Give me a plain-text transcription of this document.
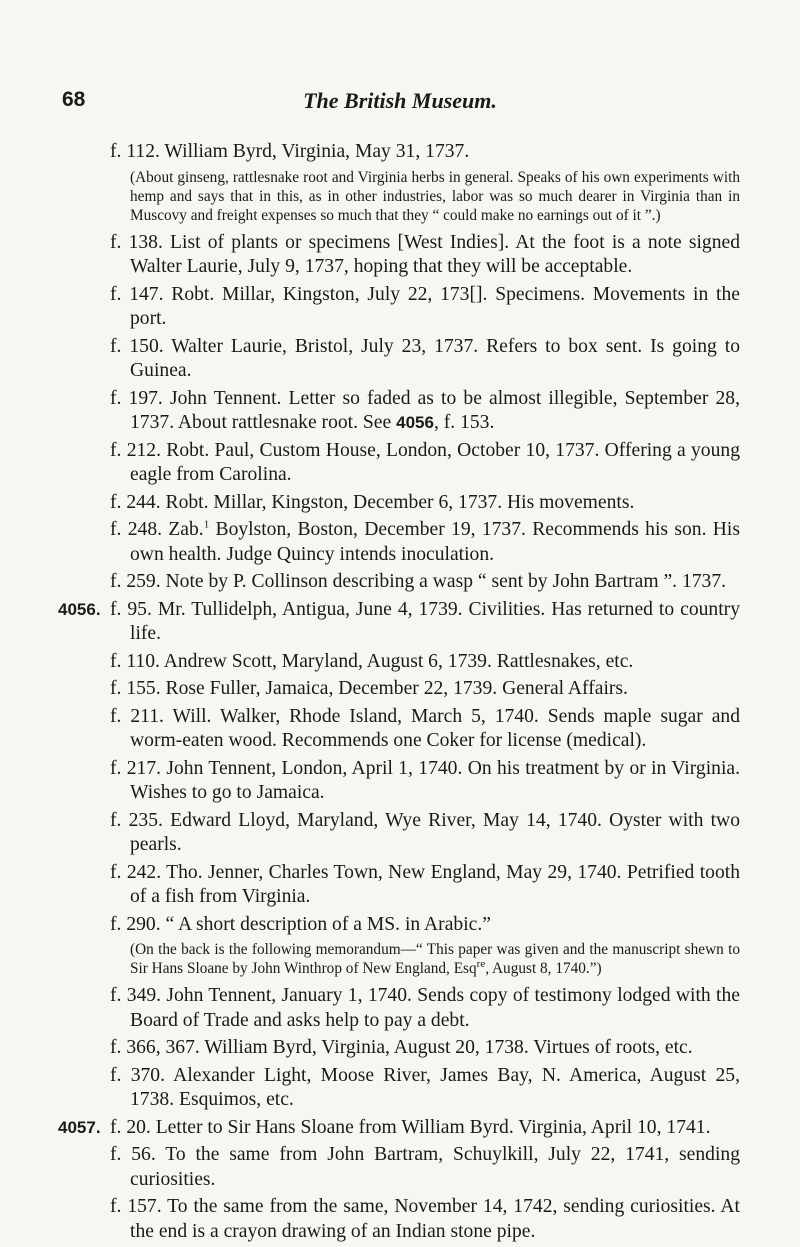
68	The British Museum.

f. 112. William Byrd, Virginia, May 31, 1737.

(About ginseng, rattlesnake root and Virginia herbs in general. Speaks of his own experiments with hemp and says that in this, as in other industries, labor was so much dearer in Virginia than in Muscovy and freight expenses so much that they “ could make no earnings out of it ”.)

f. 138. List of plants or specimens [West Indies]. At the foot is a note signed Walter Laurie, July 9, 1737, hoping that they will be acceptable.

f. 147. Robt. Millar, Kingston, July 22, 173[]. Specimens. Movements in the port.

f. 150. Walter Laurie, Bristol, July 23, 1737. Refers to box sent. Is going to Guinea.

f. 197. John Tennent. Letter so faded as to be almost illegible, September 28, 1737. About rattlesnake root. See 4056, f. 153.

f. 212. Robt. Paul, Custom House, London, October 10, 1737. Offering a young eagle from Carolina.

f. 244. Robt. Millar, Kingston, December 6, 1737. His movements.

f. 248. Zab.$^1$ Boylston, Boston, December 19, 1737. Recommends his son. His own health. Judge Quincy intends inoculation.

f. 259. Note by P. Collinson describing a wasp “ sent by John Bartram ”. 1737.

4056. f. 95. Mr. Tullidelph, Antigua, June 4, 1739. Civilities. Has returned to country life.

f. 110. Andrew Scott, Maryland, August 6, 1739. Rattlesnakes, etc.

f. 155. Rose Fuller, Jamaica, December 22, 1739. General Affairs.

f. 211. Will. Walker, Rhode Island, March 5, 1740. Sends maple sugar and worm-eaten wood. Recommends one Coker for license (medical).

f. 217. John Tennent, London, April 1, 1740. On his treatment by or in Virginia. Wishes to go to Jamaica.

f. 235. Edward Lloyd, Maryland, Wye River, May 14, 1740. Oyster with two pearls.

f. 242. Tho. Jenner, Charles Town, New England, May 29, 1740. Petrified tooth of a fish from Virginia.

f. 290. “ A short description of a MS. in Arabic.”

(On the back is the following memorandum—“ This paper was given and the manuscript shewn to Sir Hans Sloane by John Winthrop of New England, Esq$^{re}$, August 8, 1740.”)

f. 349. John Tennent, January 1, 1740. Sends copy of testimony lodged with the Board of Trade and asks help to pay a debt.

f. 366, 367. William Byrd, Virginia, August 20, 1738. Virtues of roots, etc.

f. 370. Alexander Light, Moose River, James Bay, N. America, August 25, 1738. Esquimos, etc.

4057. f. 20. Letter to Sir Hans Sloane from William Byrd. Virginia, April 10, 1741.

f. 56. To the same from John Bartram, Schuylkill, July 22, 1741, sending curiosities.

f. 157. To the same from the same, November 14, 1742, sending curiosities. At the end is a crayon drawing of an Indian stone pipe.
